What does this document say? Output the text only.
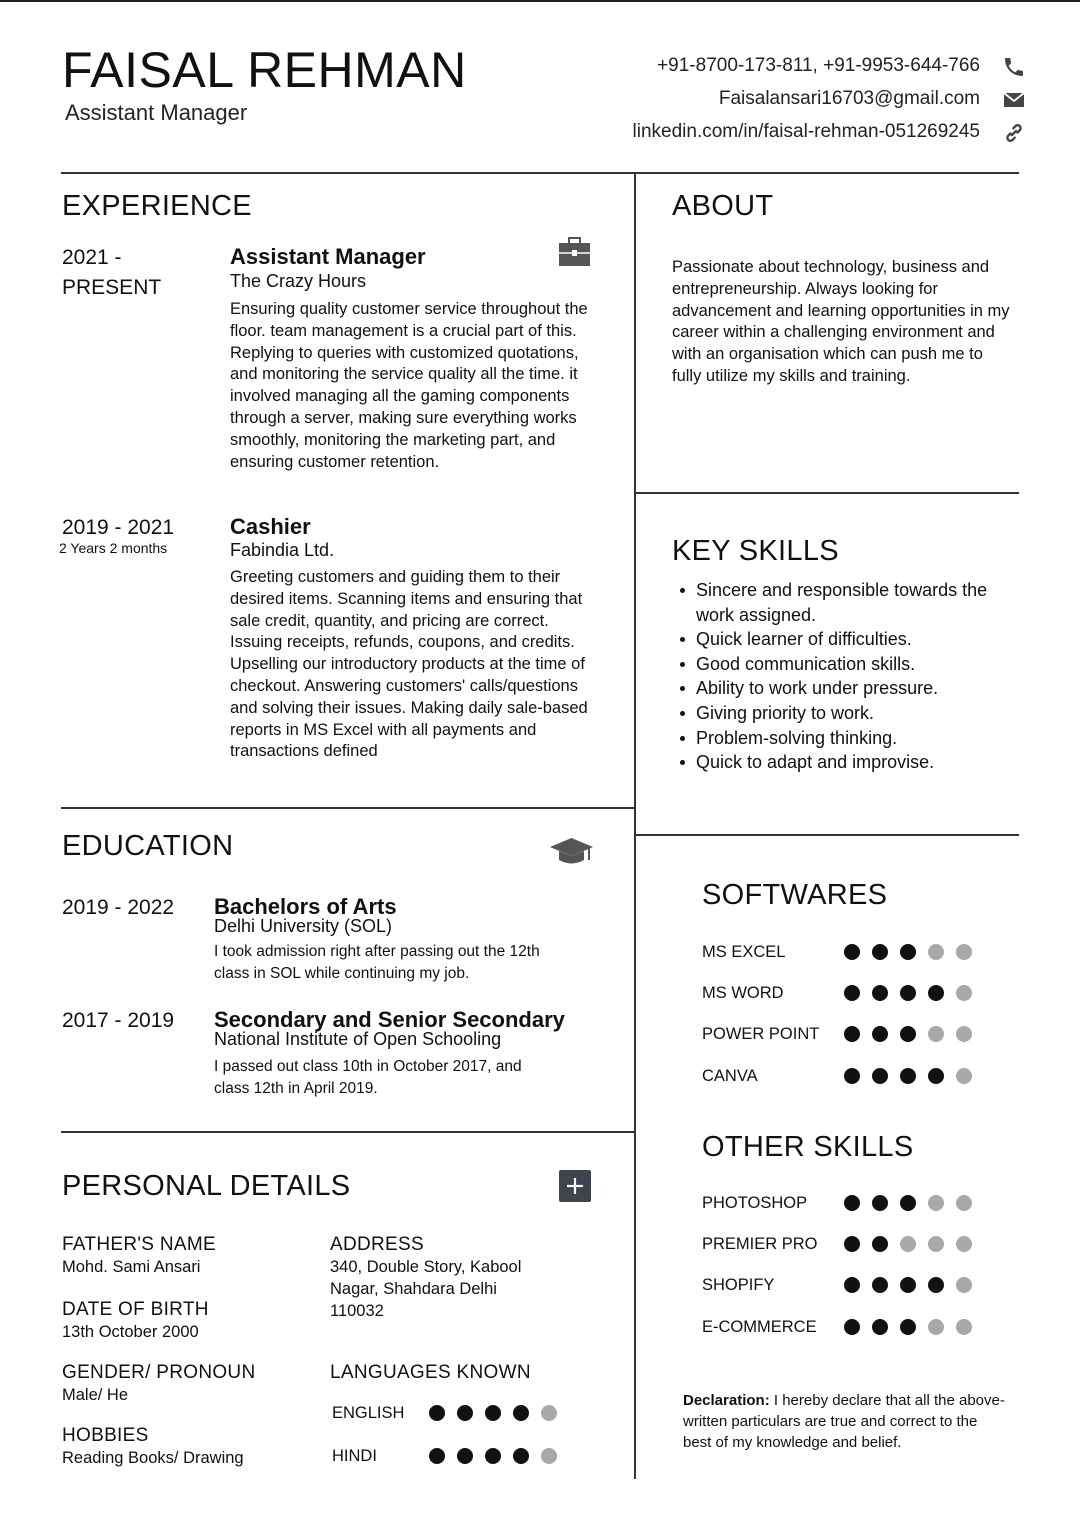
FAISAL REHMAN
Assistant Manager
+91-8700-173-811, +91-9953-644-766
Faisalansari16703@gmail.com
linkedin.com/in/faisal-rehman-051269245
EXPERIENCE
2021 - PRESENT
Assistant Manager
The Crazy Hours
Ensuring quality customer service throughout the floor. team management is a crucial part of this. Replying to queries with customized quotations, and monitoring the service quality all the time. it involved managing all the gaming components through a server, making sure everything works smoothly, monitoring the marketing part, and ensuring customer retention.
2019 - 2021
2 Years 2 months
Cashier
Fabindia Ltd.
Greeting customers and guiding them to their desired items. Scanning items and ensuring that sale credit, quantity, and pricing are correct. Issuing receipts, refunds, coupons, and credits. Upselling our introductory products at the time of checkout. Answering customers' calls/questions and solving their issues. Making daily sale-based reports in MS Excel with all payments and transactions defined
EDUCATION
2019 - 2022 Bachelors of Arts
Delhi University (SOL)
I took admission right after passing out the 12th class in SOL while continuing my job.
2017 - 2019 Secondary and Senior Secondary
National Institute of Open Schooling
I passed out class 10th in October 2017, and class 12th in April 2019.
PERSONAL DETAILS
FATHER'S NAME
Mohd. Sami Ansari
DATE OF BIRTH
13th October 2000
GENDER/ PRONOUN
Male/ He
HOBBIES
Reading Books/ Drawing
ADDRESS
340, Double Story, Kabool Nagar, Shahdara Delhi 110032
LANGUAGES KNOWN
ENGLISH
HINDI
ABOUT
Passionate about technology, business and entrepreneurship. Always looking for advancement and learning opportunities in my career within a challenging environment and with an organisation which can push me to fully utilize my skills and training.
KEY SKILLS
Sincere and responsible towards the work assigned.
Quick learner of difficulties.
Good communication skills.
Ability to work under pressure.
Giving priority to work.
Problem-solving thinking.
Quick to adapt and improvise.
SOFTWARES
MS EXCEL
MS WORD
POWER POINT
CANVA
OTHER SKILLS
PHOTOSHOP
PREMIER PRO
SHOPIFY
E-COMMERCE
Declaration: I hereby declare that all the above-written particulars are true and correct to the best of my knowledge and belief.
